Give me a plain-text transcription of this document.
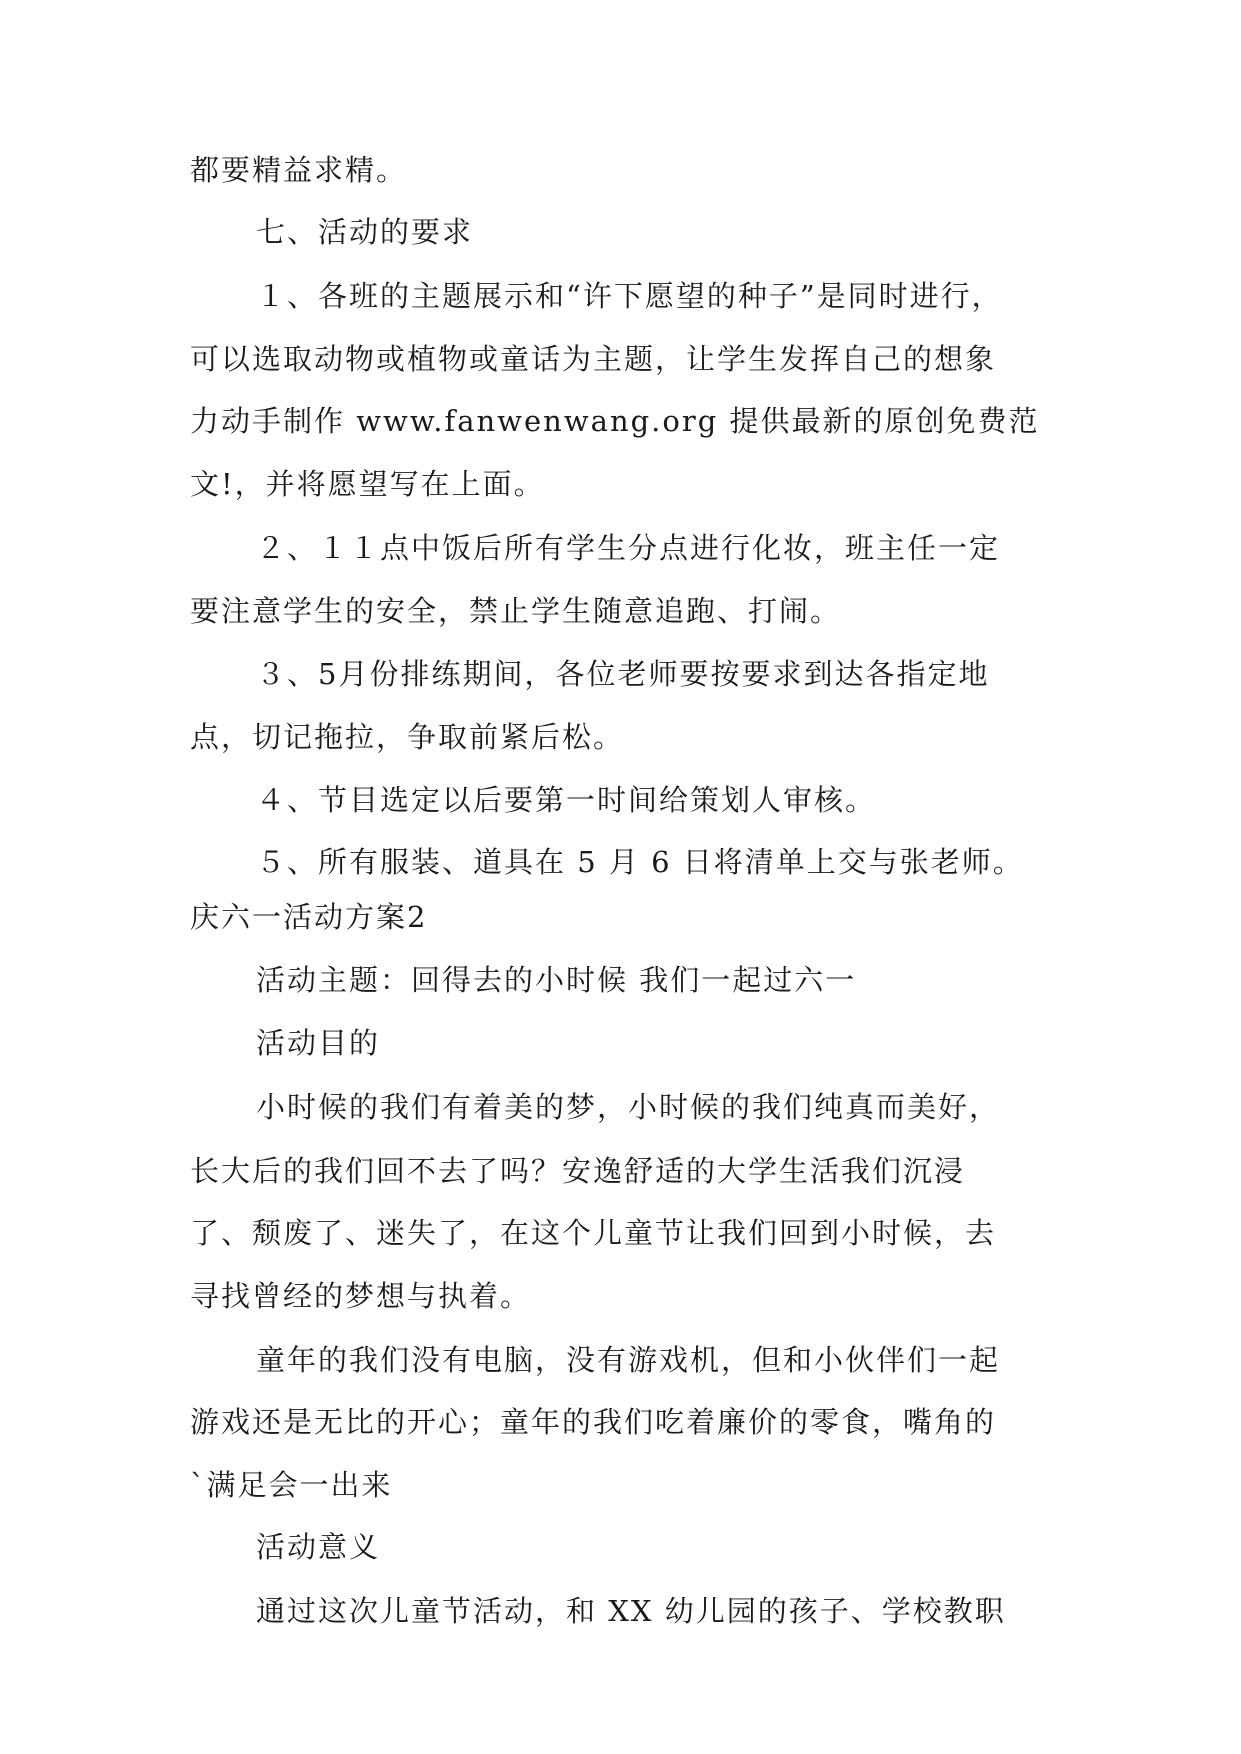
都要精益求精。
七、活动的要求
１、各班的主题展示和“许下愿望的种子”是同时进行，
可以选取动物或植物或童话为主题，让学生发挥自己的想象
力动手制作 www.fanwenwang.org 提供最新的原创免费范
文!，并将愿望写在上面。
２、１１点中饭后所有学生分点进行化妆，班主任一定
要注意学生的安全，禁止学生随意追跑、打闹。
３、5月份排练期间，各位老师要按要求到达各指定地
点，切记拖拉，争取前紧后松。
４、节目选定以后要第一时间给策划人审核。
５、所有服装、道具在 5 月 6 日将清单上交与张老师。
庆六一活动方案2
活动主题：回得去的小时候 我们一起过六一
活动目的
小时候的我们有着美的梦，小时候的我们纯真而美好，
长大后的我们回不去了吗？安逸舒适的大学生活我们沉浸
了、颓废了、迷失了，在这个儿童节让我们回到小时候，去
寻找曾经的梦想与执着。
童年的我们没有电脑，没有游戏机，但和小伙伴们一起
游戏还是无比的开心；童年的我们吃着廉价的零食，嘴角的
`满足会一出来
活动意义
通过这次儿童节活动，和 XX 幼儿园的孩子、学校教职
